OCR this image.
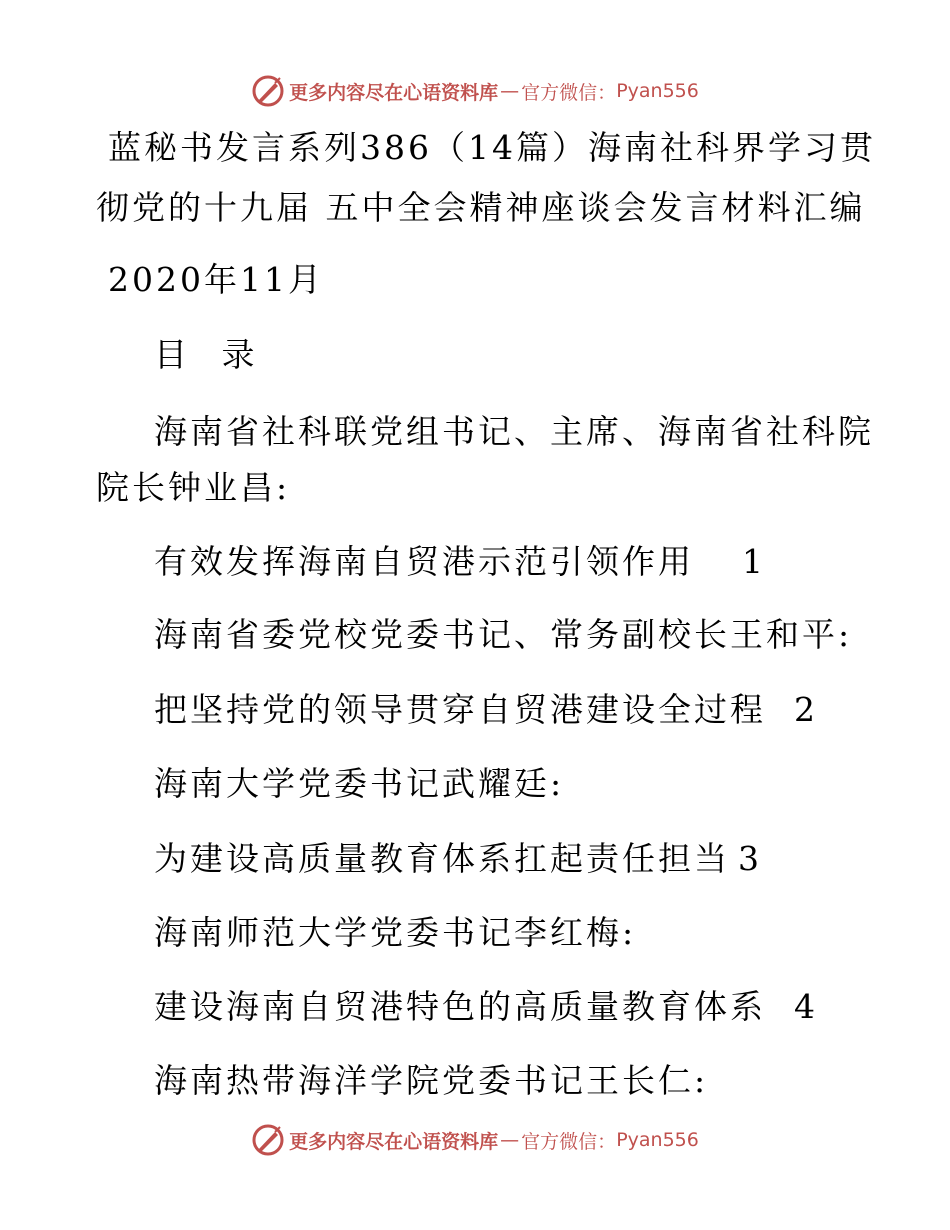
更多内容尽在心语资料库 — 官方微信： Pyan556
蓝秘书发言系列386（14篇）海南社科界学习贯
彻党的十九届 五中全会精神座谈会发言材料汇编
2020年11月
目 录
海南省社科联党组书记、主席、海南省社科院
院长钟业昌:
有效发挥海南自贸港示范引领作用 1
海南省委党校党委书记、常务副校长王和平:
把坚持党的领导贯穿自贸港建设全过程 2
海南大学党委书记武耀廷:
为建设高质量教育体系扛起责任担当 3
海南师范大学党委书记李红梅:
建设海南自贸港特色的高质量教育体系 4
海南热带海洋学院党委书记王长仁:
更多内容尽在心语资料库 — 官方微信： Pyan556
